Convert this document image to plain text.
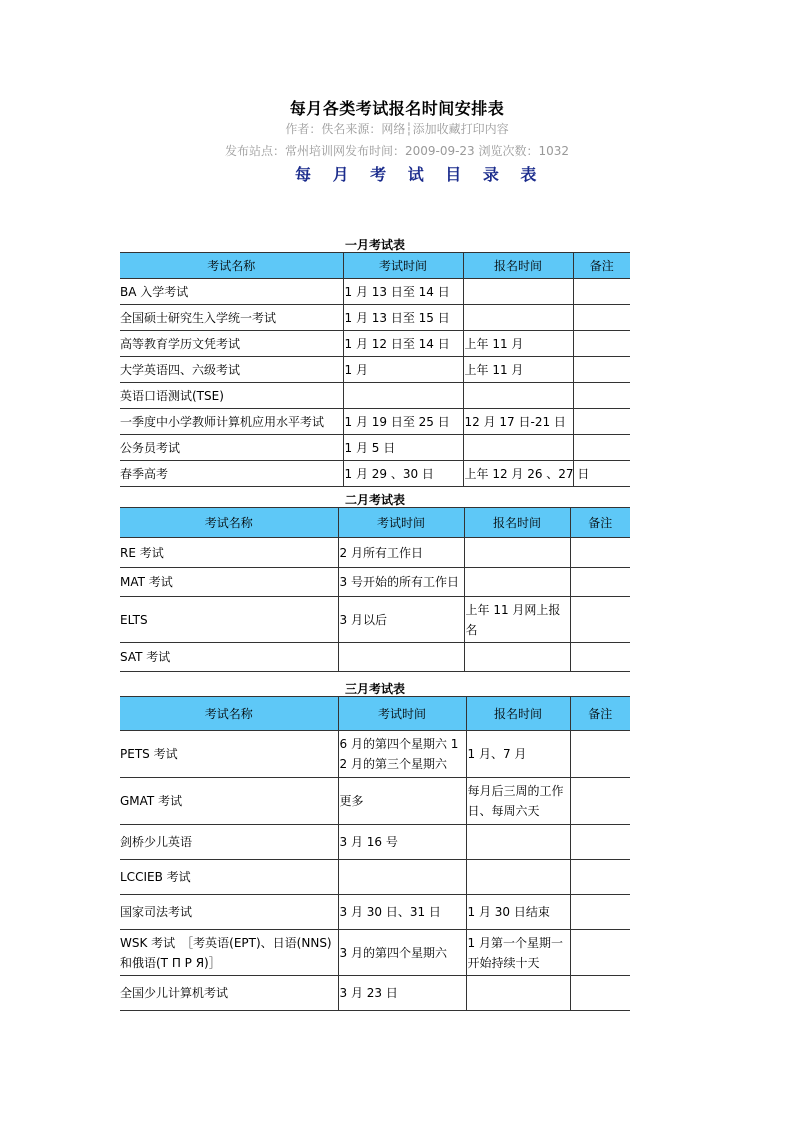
每月各类考试报名时间安排表
作者：佚名来源：网络┆添加收藏打印内容
发布站点：常州培训网发布时间：2009-09-23 浏览次数：1032
每 月 考 试 目 录 表
一月考试表
考试名称	考试时间	报名时间	备注
BA 入学考试	1 月 13 日至 14 日		
全国硕士研究生入学统一考试	1 月 13 日至 15 日		
高等教育学历文凭考试	1 月 12 日至 14 日	上年 11 月	
大学英语四、六级考试	1 月	上年 11 月	
英语口语测试(TSE)			
一季度中小学教师计算机应用水平考试	1 月 19 日至 25 日	12 月 17 日-21 日	
公务员考试	1 月 5 日		
春季高考	1 月 29 、30 日	上年 12 月 26 、27 日	
二月考试表
考试名称	考试时间	报名时间	备注
RE 考试	2 月所有工作日		
MAT 考试	3 号开始的所有工作日		
ELTS	3 月以后	上年 11 月网上报名	
SAT 考试			
三月考试表
考试名称	考试时间	报名时间	备注
PETS 考试	6 月的第四个星期六 12 月的第三个星期六	1 月、7 月	
GMAT 考试	更多	每月后三周的工作日、每周六天	
剑桥少儿英语	3 月 16 号		
LCCIEB 考试			
国家司法考试	3 月 30 日、31 日	1 月 30 日结束	
WSK 考试　［考英语(EPT)、日语(NNS)和俄语(Т П Р Я)］	3 月的第四个星期六	1 月第一个星期一开始持续十天	
全国少儿计算机考试	3 月 23 日		
